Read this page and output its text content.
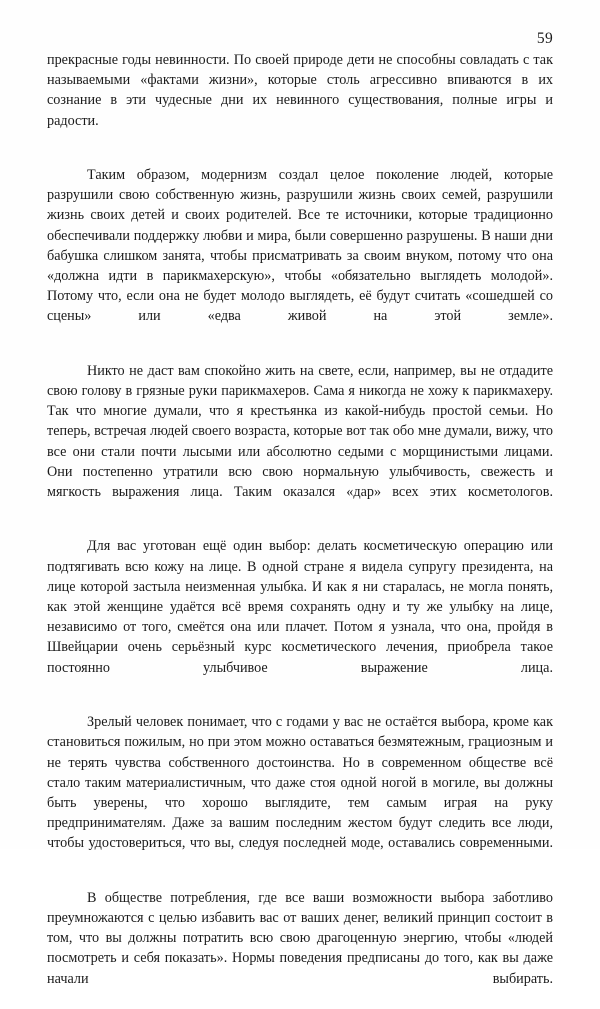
59

прекрасные годы невинности. По своей природе дети не способны совладать с так называемыми «фактами жизни», которые столь агрессивно впиваются в их сознание в эти чудесные дни их невинного существования, полные игры и радости.

Таким образом, модернизм создал целое поколение людей, которые разрушили свою собственную жизнь, разрушили жизнь своих семей, разрушили жизнь своих детей и своих родителей. Все те источники, которые традиционно обеспечивали поддержку любви и мира, были совершенно разрушены. В наши дни бабушка слишком занята, чтобы присматривать за своим внуком, потому что она «должна идти в парикмахерскую», чтобы «обязательно выглядеть молодой». Потому что, если она не будет молодо выглядеть, её будут считать «сошедшей со сцены» или «едва живой на этой земле».

Никто не даст вам спокойно жить на свете, если, например, вы не отдадите свою голову в грязные руки парикмахеров. Сама я никогда не хожу к парикмахеру. Так что многие думали, что я крестьянка из какой-нибудь простой семьи. Но теперь, встречая людей своего возраста, которые вот так обо мне думали, вижу, что все они стали почти лысыми или абсолютно седыми с морщинистыми лицами. Они постепенно утратили всю свою нормальную улыбчивость, свежесть и мягкость выражения лица. Таким оказался «дар» всех этих косметологов.

Для вас уготован ещё один выбор: делать косметическую операцию или подтягивать всю кожу на лице. В одной стране я видела супругу президента, на лице которой застыла неизменная улыбка. И как я ни старалась, не могла понять, как этой женщине удаётся всё время сохранять одну и ту же улыбку на лице, независимо от того, смеётся она или плачет. Потом я узнала, что она, пройдя в Швейцарии очень серьёзный курс косметического лечения, приобрела такое постоянно улыбчивое выражение лица.

Зрелый человек понимает, что с годами у вас не остаётся выбора, кроме как становиться пожилым, но при этом можно оставаться безмятежным, грациозным и не терять чувства собственного достоинства. Но в современном обществе всё стало таким материалистичным, что даже стоя одной ногой в могиле, вы должны быть уверены, что хорошо выглядите, тем самым играя на руку предпринимателям. Даже за вашим последним жестом будут следить все люди, чтобы удостовериться, что вы, следуя последней моде, оставались современными.

В обществе потребления, где все ваши возможности выбора заботливо преумножаются с целью избавить вас от ваших денег, великий принцип состоит в том, что вы должны потратить всю свою драгоценную энергию, чтобы «людей посмотреть и себя показать». Нормы поведения предписаны до того, как вы даже начали выбирать.
